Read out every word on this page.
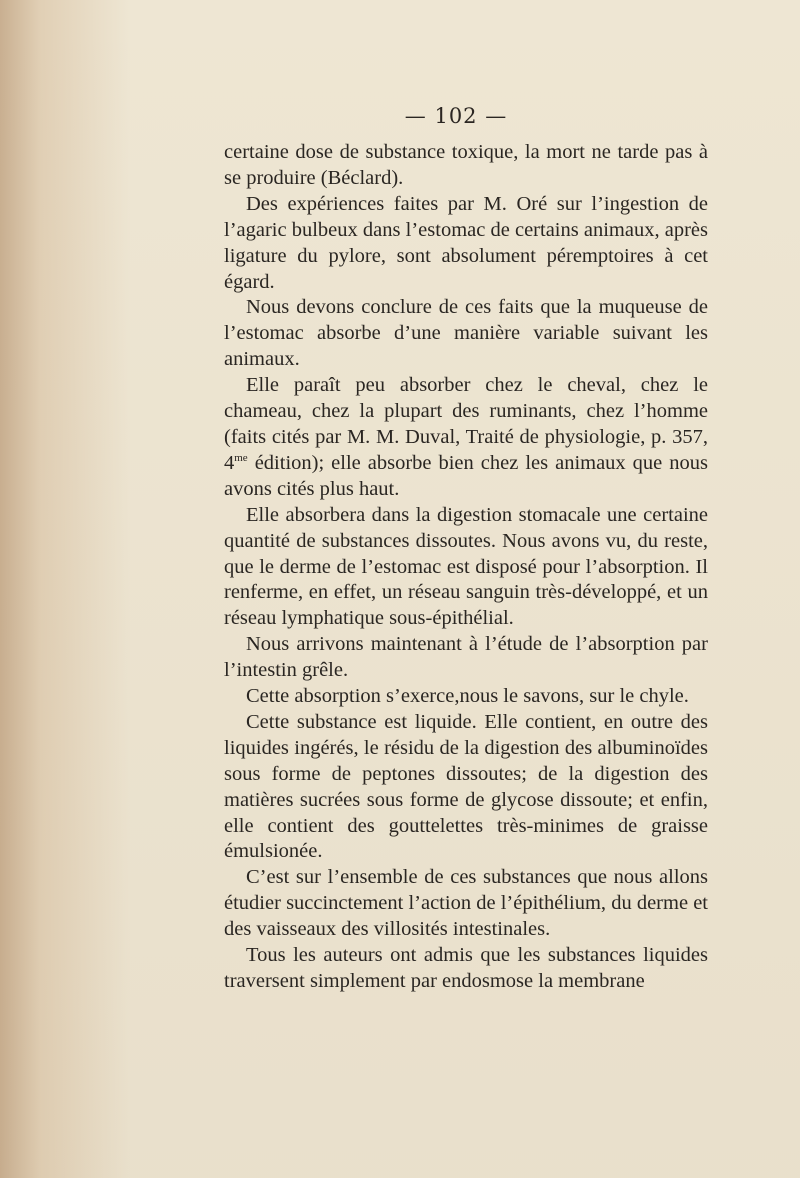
— 102 —

certaine dose de substance toxique, la mort ne tarde pas à se produire (Béclard).

Des expériences faites par M. Oré sur l’ingestion de l’agaric bulbeux dans l’estomac de certains animaux, après ligature du pylore, sont absolument péremptoires à cet égard.

Nous devons conclure de ces faits que la muqueuse de l’estomac absorbe d’une manière variable suivant les animaux.

Elle paraît peu absorber chez le cheval, chez le chameau, chez la plupart des ruminants, chez l’homme (faits cités par M. M. Duval, Traité de physiologie, p. 357, $4^{me}$ édition); elle absorbe bien chez les animaux que nous avons cités plus haut.

Elle absorbera dans la digestion stomacale une certaine quantité de substances dissoutes. Nous avons vu, du reste, que le derme de l’estomac est disposé pour l’absorption. Il renferme, en effet, un réseau sanguin très-développé, et un réseau lymphatique sous-épithélial.

Nous arrivons maintenant à l’étude de l’absorption par l’intestin grêle.

Cette absorption s’exerce,nous le savons, sur le chyle.

Cette substance est liquide. Elle contient, en outre des liquides ingérés, le résidu de la digestion des albuminoïdes sous forme de peptones dissoutes; de la digestion des matières sucrées sous forme de glycose dissoute; et enfin, elle contient des gouttelettes très-minimes de graisse émulsionée.

C’est sur l’ensemble de ces substances que nous allons étudier succinctement l’action de l’épithélium, du derme et des vaisseaux des villosités intestinales.

Tous les auteurs ont admis que les substances liquides traversent simplement par endosmose la membrane
